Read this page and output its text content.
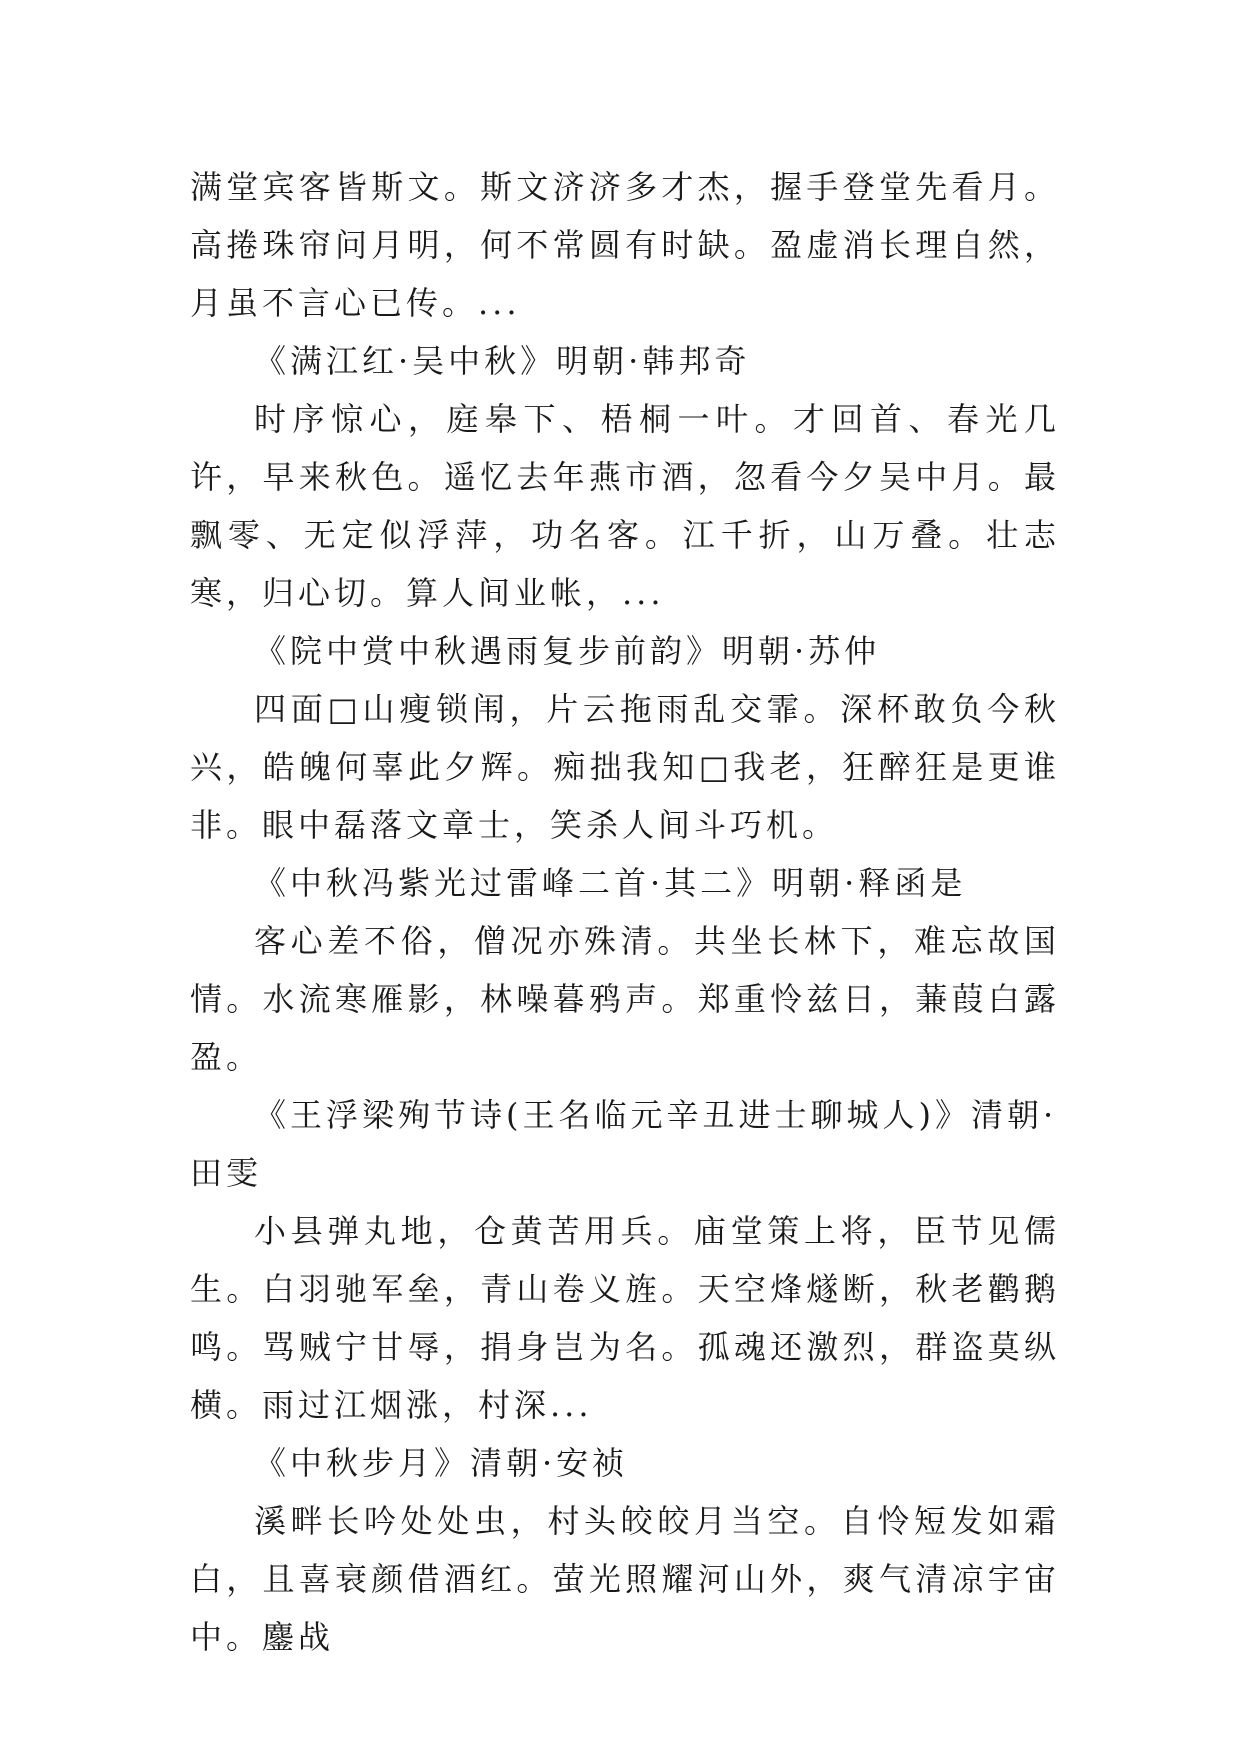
满堂宾客皆斯文。斯文济济多才杰，握手登堂先看月。高捲珠帘问月明，何不常圆有时缺。盈虚消长理自然，月虽不言心已传。...

《满江红·吴中秋》明朝·韩邦奇

时序惊心，庭皋下、梧桐一叶。才回首、春光几许，早来秋色。遥忆去年燕市酒，忽看今夕吴中月。最飘零、无定似浮萍，功名客。江千折，山万叠。壮志寒，归心切。算人间业帐，...

《院中赏中秋遇雨复步前韵》明朝·苏仲

四面□山瘦锁闱，片云拖雨乱交霏。深杯敢负今秋兴，皓魄何辜此夕辉。痴拙我知□我老，狂醉狂是更谁非。眼中磊落文章士，笑杀人间斗巧机。

《中秋冯紫光过雷峰二首·其二》明朝·释函是

客心差不俗，僧况亦殊清。共坐长林下，难忘故国情。水流寒雁影，林噪暮鸦声。郑重怜兹日，蒹葭白露盈。

《王浮梁殉节诗(王名临元辛丑进士聊城人)》清朝·田雯

小县弹丸地，仓黄苦用兵。庙堂策上将，臣节见儒生。白羽驰军垒，青山卷义旌。天空烽燧断，秋老鹳鹅鸣。骂贼宁甘辱，捐身岂为名。孤魂还激烈，群盗莫纵横。雨过江烟涨，村深...

《中秋步月》清朝·安祯

溪畔长吟处处虫，村头皎皎月当空。自怜短发如霜白，且喜衰颜借酒红。萤光照耀河山外，爽气清凉宇宙中。鏖战
